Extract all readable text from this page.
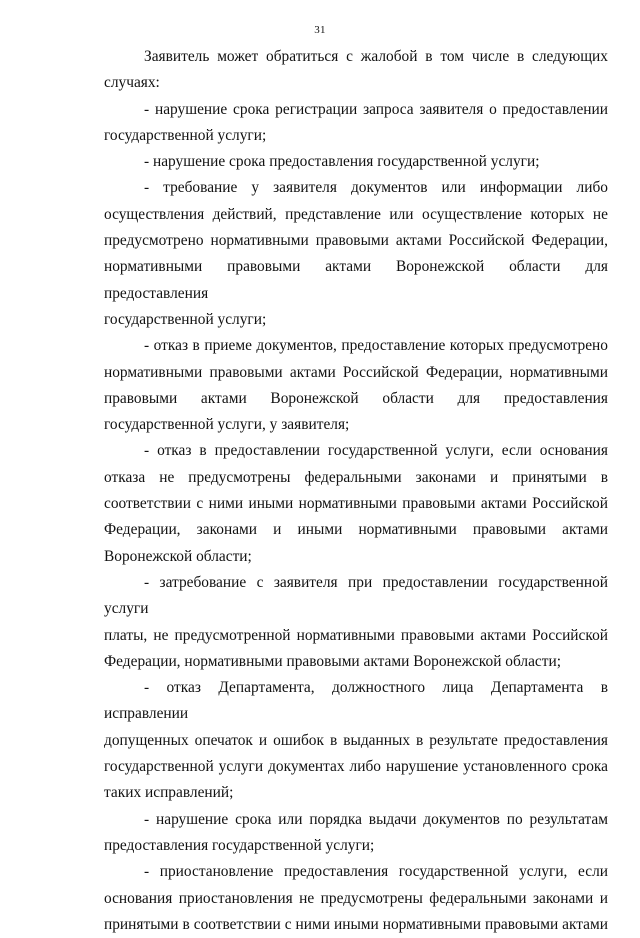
31
Заявитель может обратиться с жалобой в том числе в следующих
случаях:
- нарушение срока регистрации запроса заявителя о предоставлении
государственной услуги;
- нарушение срока предоставления государственной услуги;
- требование у заявителя документов или информации либо
осуществления действий, представление или осуществление которых не
предусмотрено нормативными правовыми актами Российской Федерации,
нормативными правовыми актами Воронежской области для предоставления
государственной услуги;
- отказ в приеме документов, предоставление которых предусмотрено
нормативными правовыми актами Российской Федерации, нормативными
правовыми актами Воронежской области для предоставления
государственной услуги, у заявителя;
- отказ в предоставлении государственной услуги, если основания
отказа не предусмотрены федеральными законами и принятыми в
соответствии с ними иными нормативными правовыми актами Российской
Федерации, законами и иными нормативными правовыми актами
Воронежской области;
- затребование с заявителя при предоставлении государственной услуги
платы, не предусмотренной нормативными правовыми актами Российской
Федерации, нормативными правовыми актами Воронежской области;
- отказ Департамента, должностного лица Департамента в исправлении
допущенных опечаток и ошибок в выданных в результате предоставления
государственной услуги документах либо нарушение установленного срока
таких исправлений;
- нарушение срока или порядка выдачи документов по результатам
предоставления государственной услуги;
- приостановление предоставления государственной услуги, если
основания приостановления не предусмотрены федеральными законами и
принятыми в соответствии с ними иными нормативными правовыми актами
